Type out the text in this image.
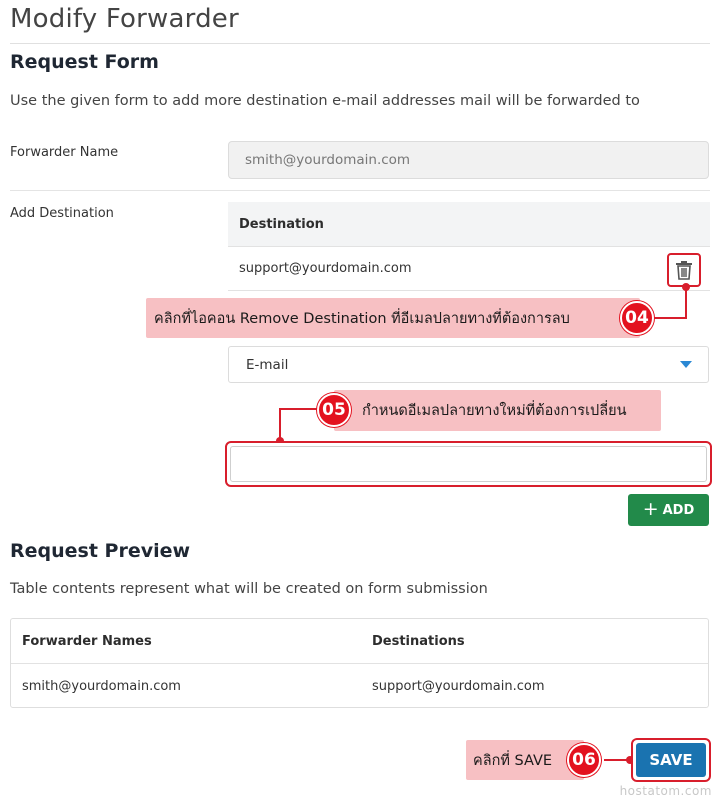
Modify Forwarder
Request Form

Use the given form to add more destination e-mail addresses mail will be forwarded to

Forwarder Name	smith@yourdomain.com
Add Destination
Destination
support@yourdomain.com
คลิกที่ไอคอน Remove Destination ที่อีเมลปลายทางที่ต้องการลบ	04
E-mail
กำหนดอีเมลปลายทางใหม่ที่ต้องการเปลี่ยน
05
+ ADD
Request Preview

Table contents represent what will be created on form submission

Forwarder Names	Destinations
smith@yourdomain.com	support@yourdomain.com
คลิกที่ SAVE	06	SAVE
hostatom.com
